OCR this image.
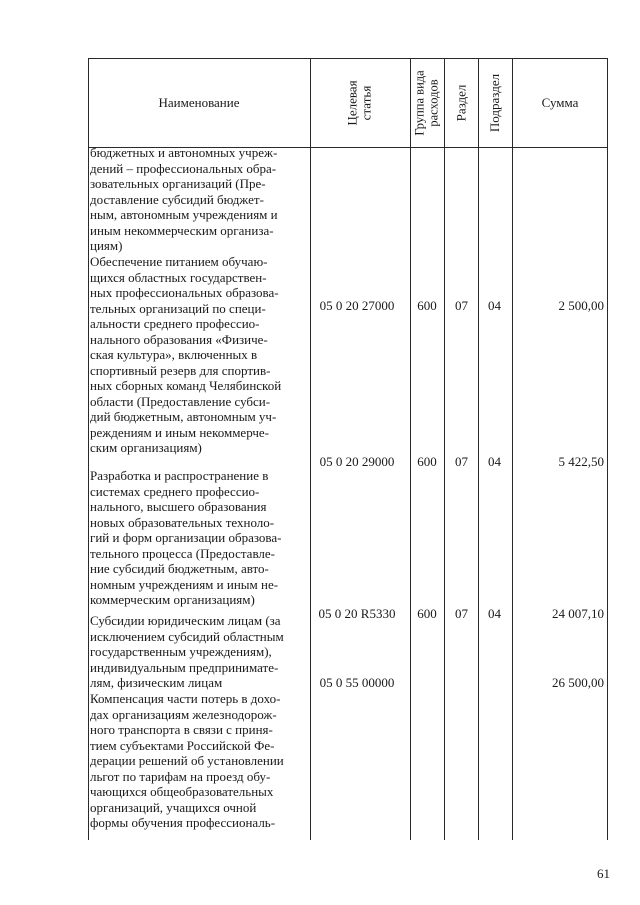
Наименование	Целевая статья	Группа вида расходов Раздел Подраздел	Сумма
бюджетных и автономных учреж-
дений – профессиональных обра-
зовательных организаций (Пре-
доставление субсидий бюджет-
ным, автономным учреждениям и
иным некоммерческим организа-
циям)
05 0 20 27000	600	07	04	2 500,00
Обеспечение питанием обучаю-
щихся областных государствен-
ных профессиональных образова-
тельных организаций по специ-
альности среднего профессио-
нального образования «Физиче-
ская культура», включенных в
спортивный резерв для спортив-
ных сборных команд Челябинской
области (Предоставление субси-
дий бюджетным, автономным уч-
реждениям и иным некоммерче-
ским организациям)
05 0 20 29000	600	07	04	5 422,50
Разработка и распространение в
системах среднего профессио-
нального, высшего образования
новых образовательных техноло-
гий и форм организации образова-
тельного процесса (Предоставле-
ние субсидий бюджетным, авто-
номным учреждениям и иным не-
коммерческим организациям)
05 0 20 R5330	600	07	04	24 007,10
Субсидии юридическим лицам (за
исключением субсидий областным
государственным учреждениям),
индивидуальным предпринимате-
лям, физическим лицам	05 0 55 00000	26 500,00
Компенсация части потерь в дохо-
дах организациям железнодорож-
ного транспорта в связи с приня-
тием субъектами Российской Фе-
дерации решений об установлении
льгот по тарифам на проезд обу-
чающихся общеобразовательных
организаций, учащихся очной
формы обучения профессиональ-
61
